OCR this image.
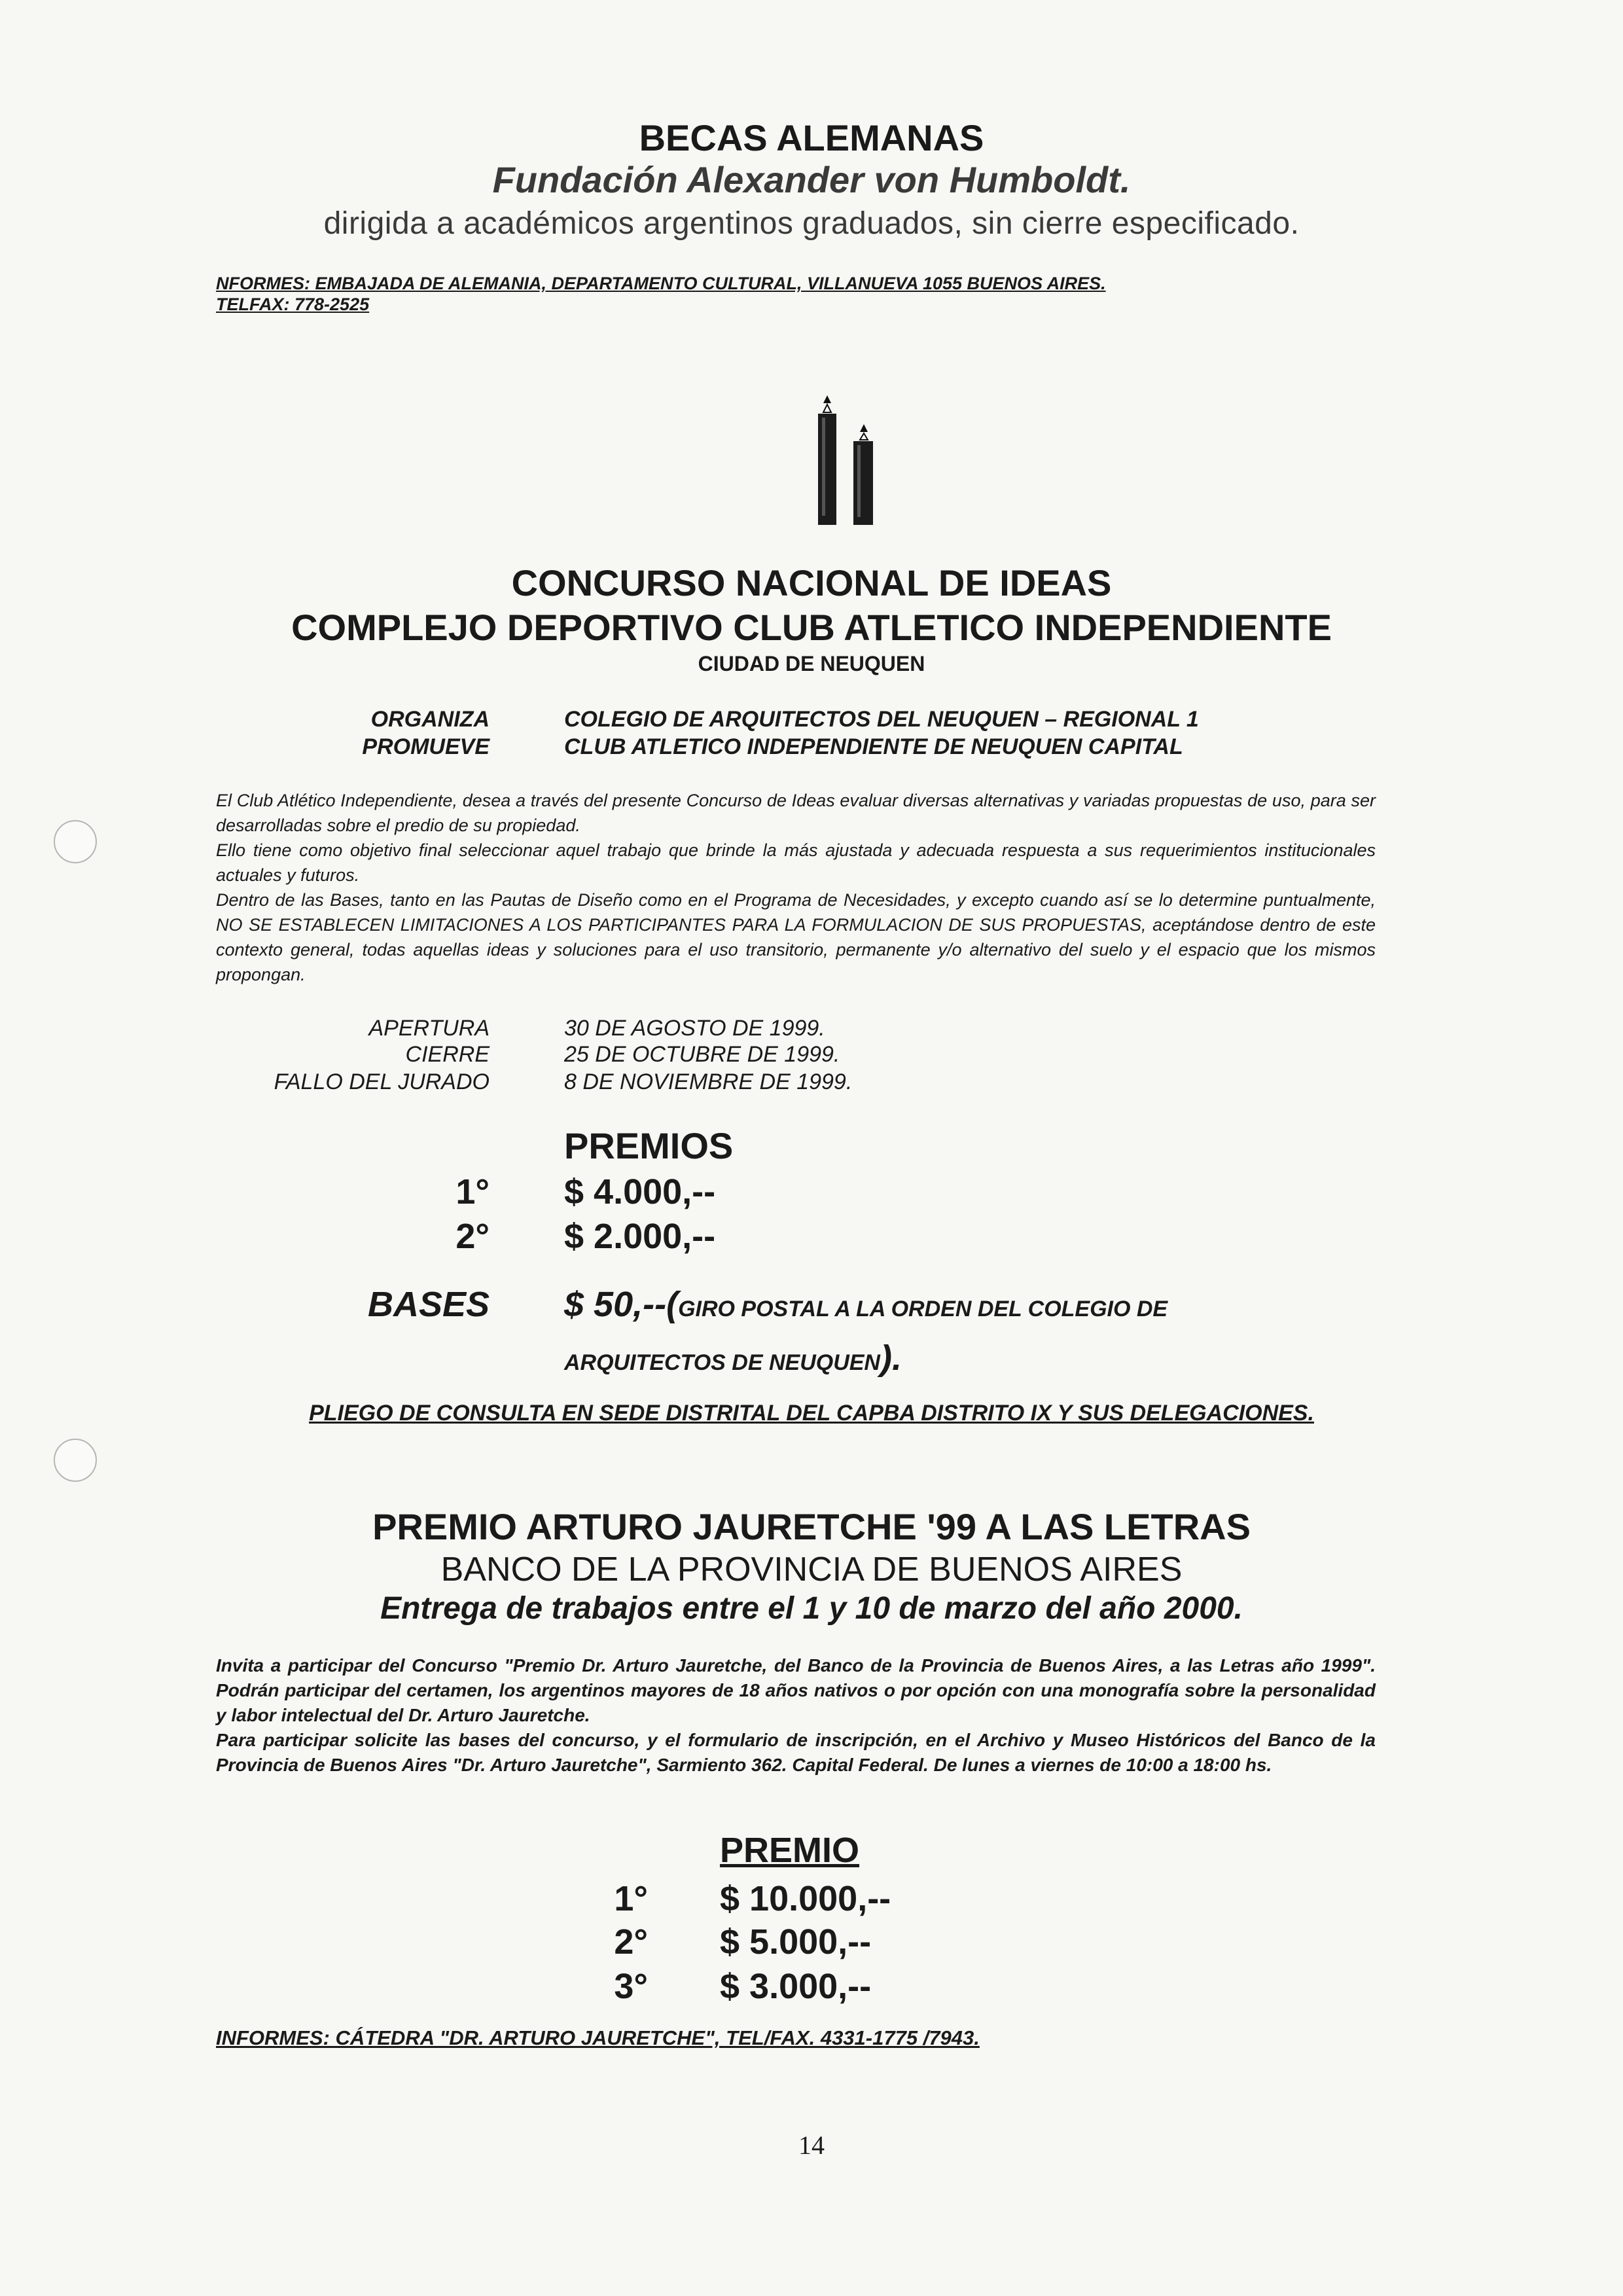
BECAS ALEMANAS
Fundación Alexander von Humboldt.
dirigida a académicos argentinos graduados, sin cierre especificado.
NFORMES: EMBAJADA DE ALEMANIA, DEPARTAMENTO CULTURAL, VILLANUEVA 1055 BUENOS AIRES.
TELFAX: 778-2525
CONCURSO NACIONAL DE IDEAS
COMPLEJO DEPORTIVO CLUB ATLETICO INDEPENDIENTE
CIUDAD DE NEUQUEN
ORGANIZA	COLEGIO DE ARQUITECTOS DEL NEUQUEN – REGIONAL 1
PROMUEVE	CLUB ATLETICO INDEPENDIENTE DE NEUQUEN CAPITAL

El Club Atlético Independiente, desea a través del presente Concurso de Ideas evaluar diversas alternativas y variadas propuestas de uso, para ser desarrolladas sobre el predio de su propiedad.

Ello tiene como objetivo final seleccionar aquel trabajo que brinde la más ajustada y adecuada respuesta a sus requerimientos institucionales actuales y futuros.

Dentro de las Bases, tanto en las Pautas de Diseño como en el Programa de Necesidades, y excepto cuando así se lo determine puntualmente, NO SE ESTABLECEN LIMITACIONES A LOS PARTICIPANTES PARA LA FORMULACION DE SUS PROPUESTAS, aceptándose dentro de este contexto general, todas aquellas ideas y soluciones para el uso transitorio, permanente y/o alternativo del suelo y el espacio que los mismos propongan.

APERTURA	30 DE AGOSTO DE 1999.
CIERRE	25 DE OCTUBRE DE 1999.
FALLO DEL JURADO	8 DE NOVIEMBRE DE 1999.
PREMIOS
1° $ 4.000,--
2° $ 2.000,--
BASES $ 50,--(GIRO POSTAL A LA ORDEN DEL COLEGIO DE
ARQUITECTOS DE NEUQUEN).
PLIEGO DE CONSULTA EN SEDE DISTRITAL DEL CAPBA DISTRITO IX Y SUS DELEGACIONES.
PREMIO ARTURO JAURETCHE '99 A LAS LETRAS
BANCO DE LA PROVINCIA DE BUENOS AIRES
Entrega de trabajos entre el 1 y 10 de marzo del año 2000.

Invita a participar del Concurso "Premio Dr. Arturo Jauretche, del Banco de la Provincia de Buenos Aires, a las Letras año 1999". Podrán participar del certamen, los argentinos mayores de 18 años nativos o por opción con una monografía sobre la personalidad y labor intelectual del Dr. Arturo Jauretche.

Para participar solicite las bases del concurso, y el formulario de inscripción, en el Archivo y Museo Históricos del Banco de la Provincia de Buenos Aires "Dr. Arturo Jauretche", Sarmiento 362. Capital Federal. De lunes a viernes de 10:00 a 18:00 hs.

PREMIO
1° $ 10.000,--
2° $ 5.000,--
3° $ 3.000,--
INFORMES: CÁTEDRA "DR. ARTURO JAURETCHE", TEL/FAX. 4331-1775 /7943.
14
